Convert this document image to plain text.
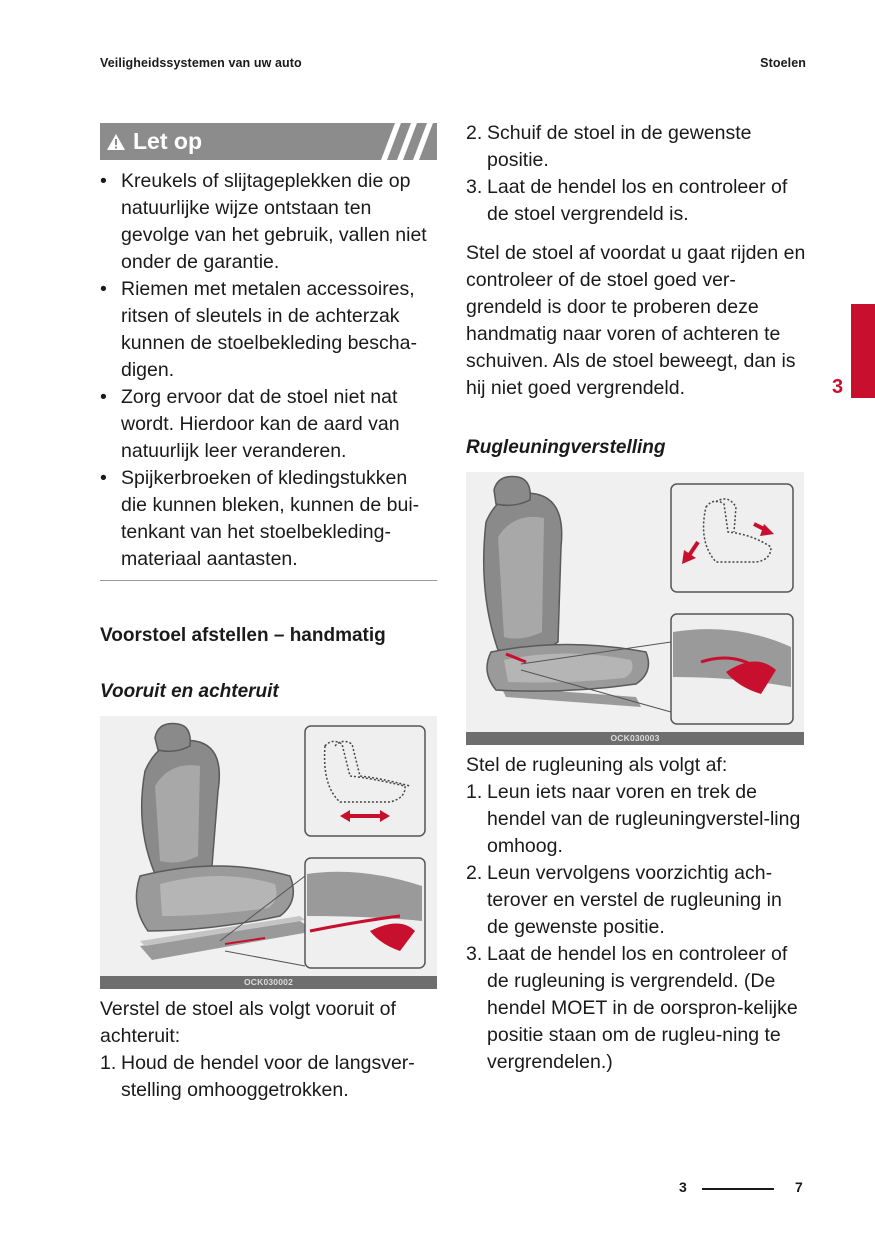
Veiligheidssystemen van uw auto	Stoelen
Let op
• Kreukels of slijtageplekken die op natuurlijke wijze ontstaan ten gevolge van het gebruik, vallen niet onder de garantie.
• Riemen met metalen accessoires, ritsen of sleutels in de achterzak kunnen de stoelbekleding bescha-digen.
• Zorg ervoor dat de stoel niet nat wordt. Hierdoor kan de aard van natuurlijk leer veranderen.
• Spijkerbroeken of kledingstukken die kunnen bleken, kunnen de bui-tenkant van het stoelbekleding-materiaal aantasten.
Voorstoel afstellen – handmatig
Vooruit en achteruit
OCK030002
Verstel de stoel als volgt vooruit of achteruit:
1. Houd de hendel voor de langsver-stelling omhooggetrokken.
2. Schuif de stoel in de gewenste positie.
3. Laat de hendel los en controleer of de stoel vergrendeld is.
Stel de stoel af voordat u gaat rijden en controleer of de stoel goed ver-grendeld is door te proberen deze handmatig naar voren of achteren te schuiven. Als de stoel beweegt, dan is hij niet goed vergrendeld.
Rugleuningverstelling
OCK030003
Stel de rugleuning als volgt af:
1. Leun iets naar voren en trek de hendel van de rugleuningverstel-ling omhoog.
2. Leun vervolgens voorzichtig ach-terover en verstel de rugleuning in de gewenste positie.
3. Laat de hendel los en controleer of de rugleuning is vergrendeld. (De hendel MOET in de oorspron-kelijke positie staan om de rugleu-ning te vergrendelen.)
3
3	7
